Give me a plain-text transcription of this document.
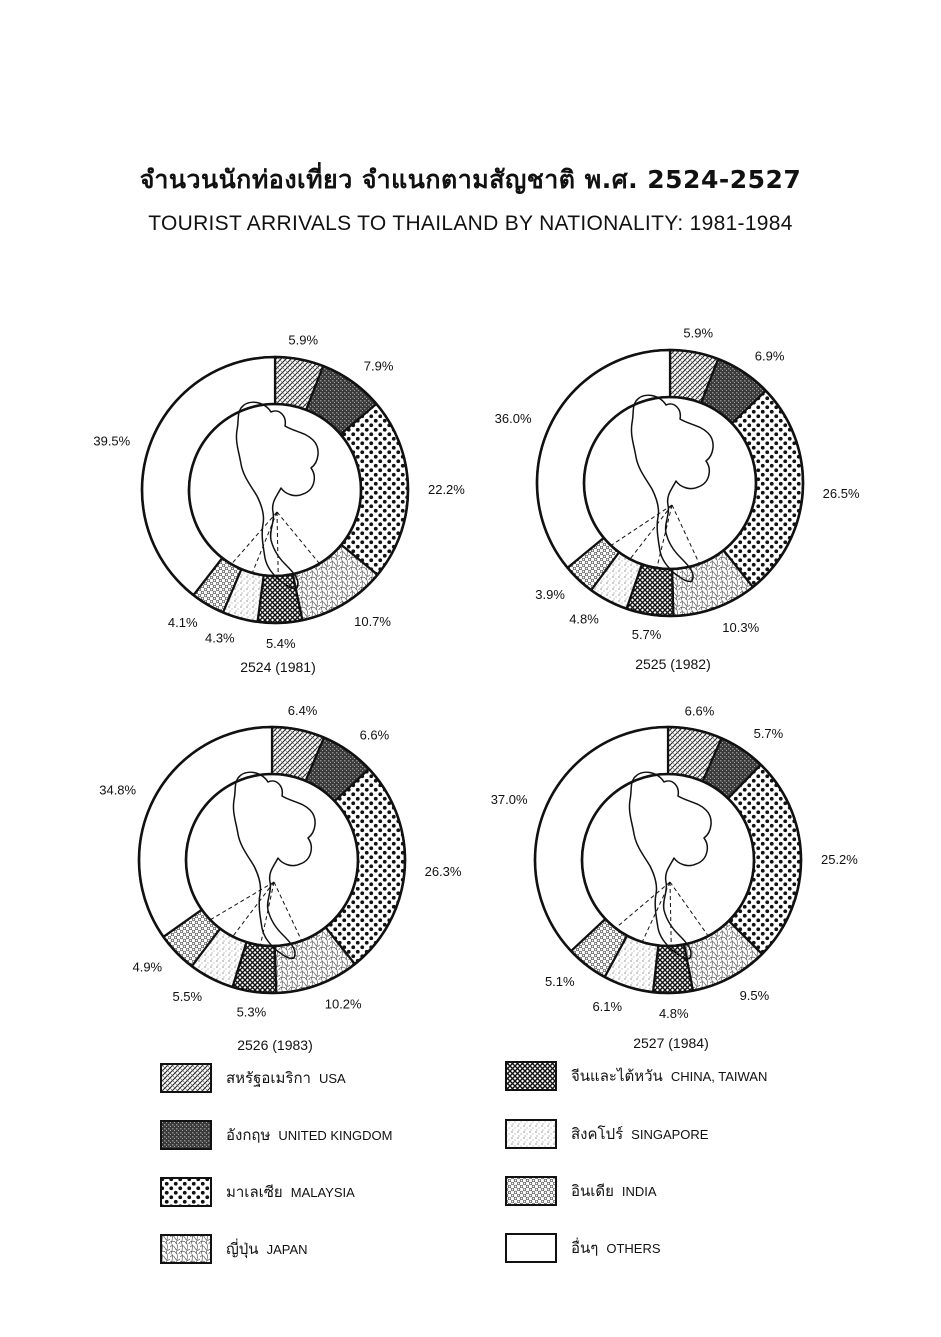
จำนวนนักท่องเที่ยว จำแนกตามสัญชาติ พ.ศ. 2524-2527
TOURIST ARRIVALS TO THAILAND BY NATIONALITY: 1981-1984
5.9%
7.9%
22.2%
10.7%
5.4%
4.3%
4.1%
39.5%
2524 (1981)
5.9%
6.9%
26.5%
10.3%
5.7%
4.8%
3.9%
36.0%
2525 (1982)
6.4%
6.6%
26.3%
10.2%
5.3%
5.5%
4.9%
34.8%
2526 (1983)
6.6%
5.7%
25.2%
9.5%
4.8%
6.1%
5.1%
37.0%
2527 (1984)
สหรัฐอเมริกา USA
อังกฤษ UNITED KINGDOM
มาเลเซีย MALAYSIA
ญี่ปุ่น JAPAN
จีนและไต้หวัน CHINA, TAIWAN
สิงคโปร์ SINGAPORE
อินเดีย INDIA
อื่นๆ OTHERS
